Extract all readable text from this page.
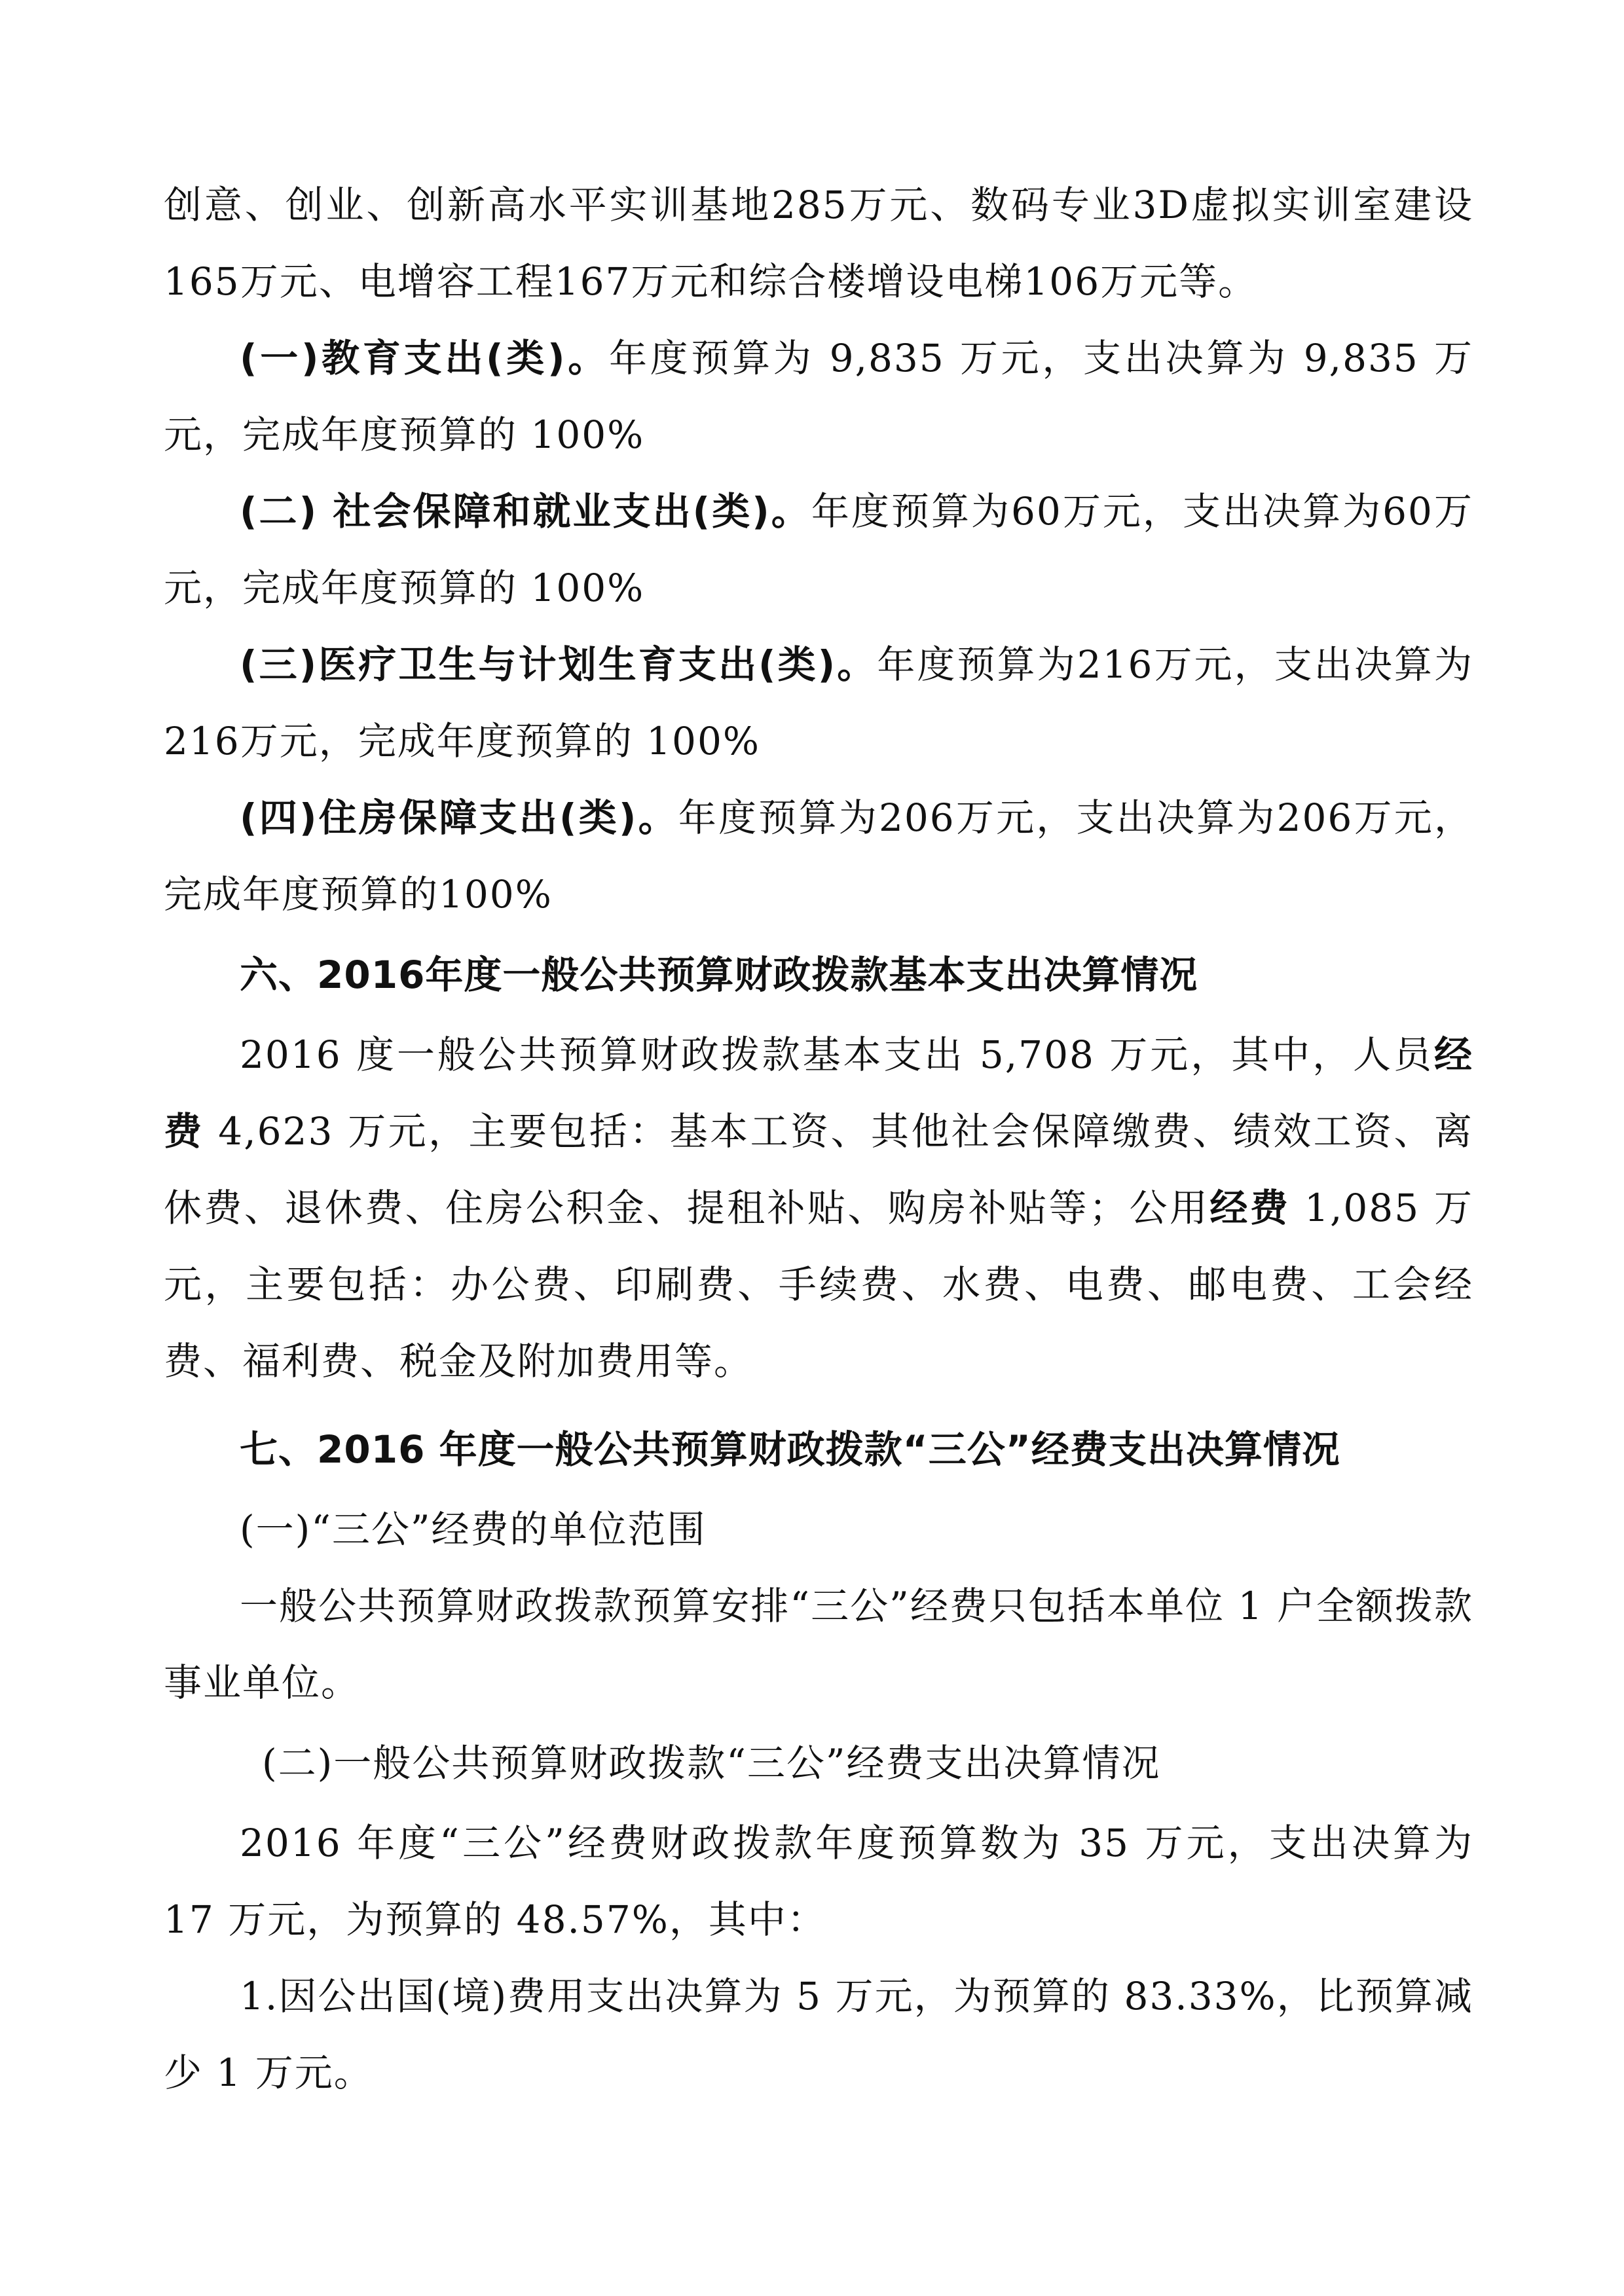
创意、创业、创新高水平实训基地285万元、数码专业3D虚拟实训室建设165万元、电增容工程167万元和综合楼增设电梯106万元等。

(一)教育支出(类)。年度预算为 9,835 万元，支出决算为 9,835 万元，完成年度预算的 100%

(二) 社会保障和就业支出(类)。年度预算为60万元，支出决算为60万元，完成年度预算的 100%

(三)医疗卫生与计划生育支出(类)。年度预算为216万元，支出决算为216万元，完成年度预算的 100%

(四)住房保障支出(类)。年度预算为206万元，支出决算为206万元，完成年度预算的100%

六、2016年度一般公共预算财政拨款基本支出决算情况

2016 度一般公共预算财政拨款基本支出 5,708 万元，其中，人员经费 4,623 万元，主要包括：基本工资、其他社会保障缴费、绩效工资、离休费、退休费、住房公积金、提租补贴、购房补贴等；公用经费 1,085 万元，主要包括：办公费、印刷费、手续费、水费、电费、邮电费、工会经费、福利费、税金及附加费用等。

七、2016 年度一般公共预算财政拨款“三公”经费支出决算情况

(一)“三公”经费的单位范围

一般公共预算财政拨款预算安排“三公”经费只包括本单位 1 户全额拨款事业单位。

(二)一般公共预算财政拨款“三公”经费支出决算情况

2016 年度“三公”经费财政拨款年度预算数为 35 万元，支出决算为 17 万元，为预算的 48.57%，其中：

1.因公出国(境)费用支出决算为 5 万元，为预算的 83.33%，比预算减少 1 万元。
